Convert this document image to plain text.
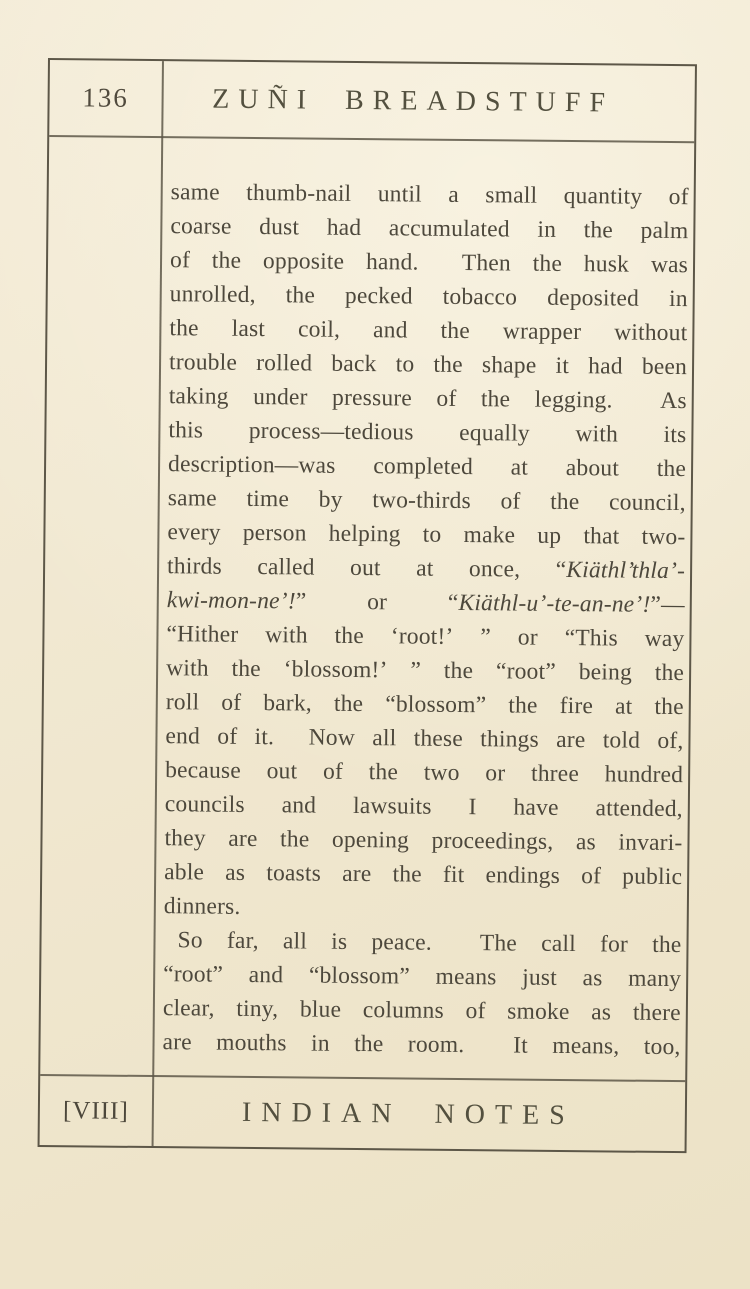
136	ZUÑI BREADSTUFF
same thumb-nail until a small quantity of
coarse dust had accumulated in the palm
of the opposite hand.  Then the husk was
unrolled, the pecked tobacco deposited in
the last coil, and the wrapper without
trouble rolled back to the shape it had been
taking under pressure of the legging.  As
this process—tedious equally with its
description—was completed at about the
same time by two-thirds of the council,
every person helping to make up that two-
thirds called out at once, “Kiäthl’thla’-
kwi-mon-ne’!” or “Kiäthl-u’-te-an-ne’!”—
“Hither with the ‘root!’ ” or “This way
with the ‘blossom!’ ” the “root” being the
roll of bark, the “blossom” the fire at the
end of it.  Now all these things are told of,
because out of the two or three hundred
councils and lawsuits I have attended,
they are the opening proceedings, as invari-
able as toasts are the fit endings of public
dinners.
So far, all is peace.  The call for the
“root” and “blossom” means just as many
clear, tiny, blue columns of smoke as there
are mouths in the room.  It means, too,
[VIII]	INDIAN NOTES
